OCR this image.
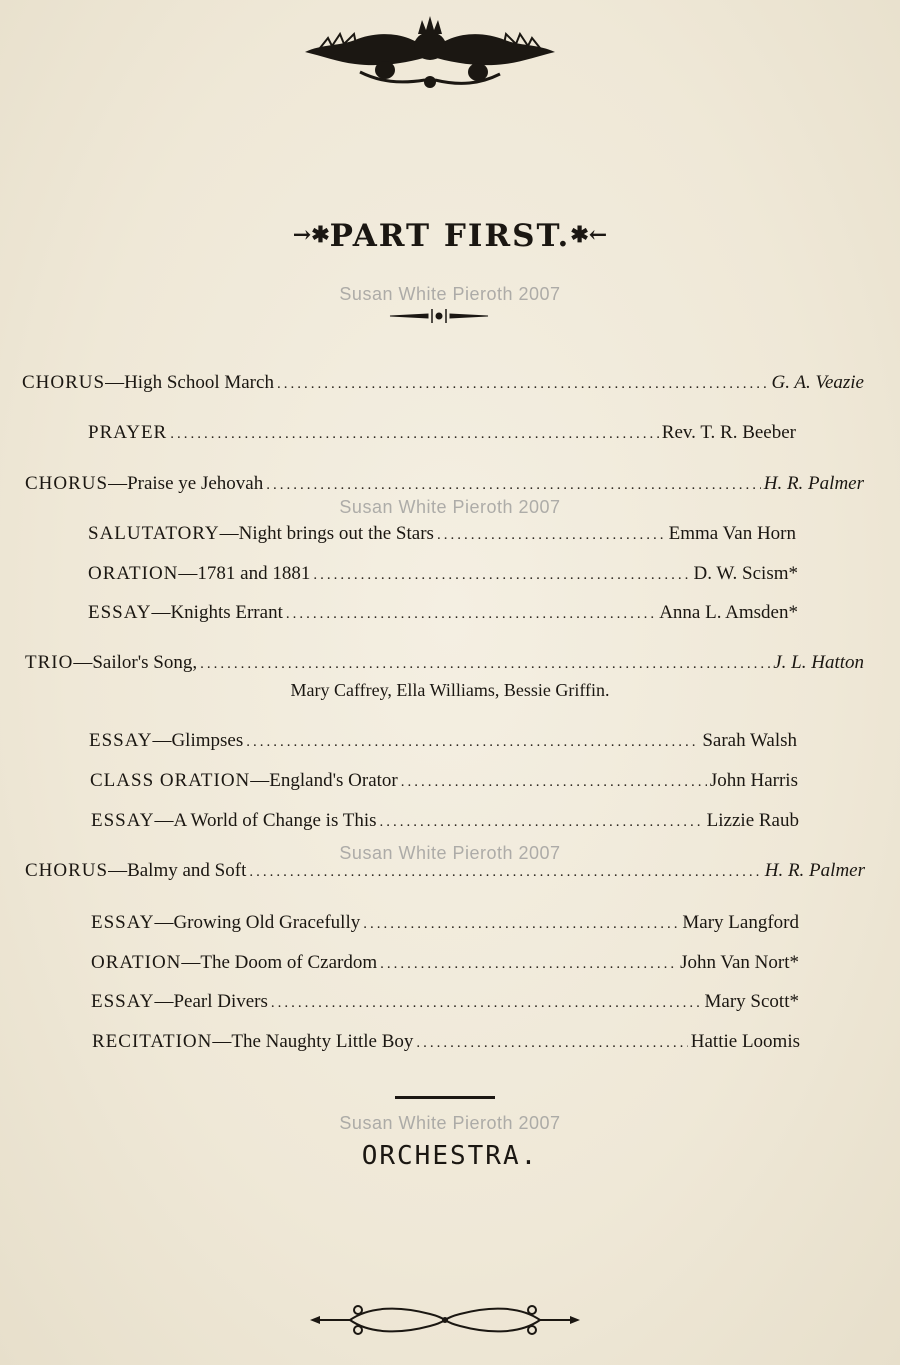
→✱PART FIRST.✱←
Susan White Pieroth 2007
CHORUS—High School March .....	G. A. Veazie
PRAYER .....	Rev. T. R. Beeber
CHORUS—Praise ye Jehovah .....	H. R. Palmer
Susan White Pieroth 2007
SALUTATORY—Night brings out the Stars .....	Emma Van Horn
ORATION—1781 and 1881 .....	D. W. Scism*
ESSAY—Knights Errant .....	Anna L. Amsden*
TRIO—Sailor's Song, .....	J. L. Hatton
Mary Caffrey, Ella Williams, Bessie Griffin.
ESSAY—Glimpses .....	Sarah Walsh
CLASS ORATION—England's Orator .....	John Harris
ESSAY—A World of Change is This .....	Lizzie Raub
Susan White Pieroth 2007
CHORUS—Balmy and Soft .....	H. R. Palmer
ESSAY—Growing Old Gracefully .....	Mary Langford
ORATION—The Doom of Czardom .....	John Van Nort*
ESSAY—Pearl Divers .....	Mary Scott*
RECITATION—The Naughty Little Boy .....	Hattie Loomis
Susan White Pieroth 2007
ORCHESTRA.
